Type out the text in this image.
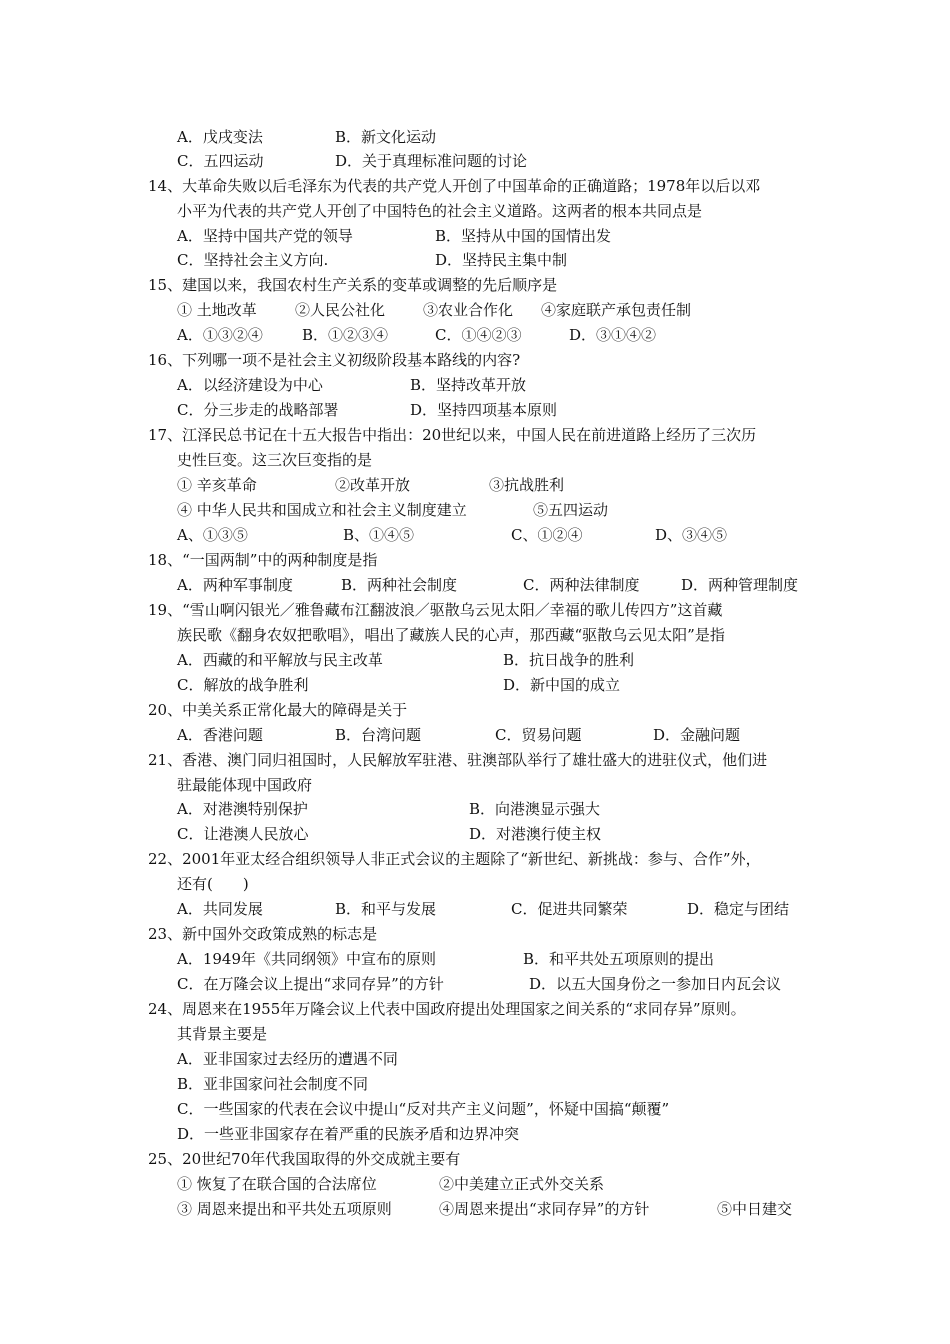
A．戊戌变法	B．新文化运动
C．五四运动	D．关于真理标准问题的讨论
14、大革命失败以后毛泽东为代表的共产党人开创了中国革命的正确道路；1978年以后以邓
小平为代表的共产党人开创了中国特色的社会主义道路。这两者的根本共同点是
A．坚持中国共产党的领导	B．坚持从中国的国情出发
C．坚持社会主义方向.	D．坚持民主集中制
15、建国以来，我国农村生产关系的变革或调整的先后顺序是
① 土地改革	②人民公社化	③农业合作化 ④家庭联产承包责任制
A．①③②④	B．①②③④	C．①④②③	D．③①④②
16、下列哪一项不是社会主义初级阶段基本路线的内容?
A．以经济建设为中心	B．坚持改革开放
C．分三步走的战略部署	D．坚持四项基本原则
17、江泽民总书记在十五大报告中指出：20世纪以来，中国人民在前进道路上经历了三次历
史性巨变。这三次巨变指的是
① 辛亥革命	②改革开放	③抗战胜利
④ 中华人民共和国成立和社会主义制度建立	⑤五四运动
A、①③⑤	B、①④⑤	C、①②④	D、③④⑤
18、“一国两制”中的两种制度是指
A．两种军事制度	B．两种社会制度	C．两种法律制度	D．两种管理制度
19、“雪山啊闪银光／雅鲁藏布江翻波浪／驱散乌云见太阳／幸福的歌儿传四方”这首藏
族民歌《翻身农奴把歌唱》，唱出了藏族人民的心声，那西藏“驱散乌云见太阳”是指
A．西藏的和平解放与民主改革	B．抗日战争的胜利
C．解放的战争胜利	D．新中国的成立
20、中美关系正常化最大的障碍是关于
A．香港问题	B．台湾问题	C．贸易问题	D．金融问题
21、香港、澳门同归祖国时，人民解放军驻港、驻澳部队举行了雄壮盛大的进驻仪式，他们进
驻最能体现中国政府
A．对港澳特别保护	B．向港澳显示强大
C．让港澳人民放心	D．对港澳行使主权
22、2001年亚太经合组织领导人非正式会议的主题除了“新世纪、新挑战：参与、合作”外，
还有(　　)
A．共同发展	B．和平与发展	C．促进共同繁荣	D．稳定与团结
23、新中国外交政策成熟的标志是
A．1949年《共同纲领》中宣布的原则	B．和平共处五项原则的提出
C．在万隆会议上提出“求同存异”的方针	D．以五大国身份之一参加日内瓦会议
24、周恩来在1955年万隆会议上代表中国政府提出处理国家之间关系的“求同存异”原则。
其背景主要是
A．亚非国家过去经历的遭遇不同
B．亚非国家问社会制度不同
C．一些国家的代表在会议中提山“反对共产主义问题”，怀疑中国搞“颠覆”
D．一些亚非国家存在着严重的民族矛盾和边界冲突
25、20世纪70年代我国取得的外交成就主要有
① 恢复了在联合国的合法席位	②中美建立正式外交关系
③ 周恩来提出和平共处五项原则	④周恩来提出“求同存异”的方针	⑤中日建交
